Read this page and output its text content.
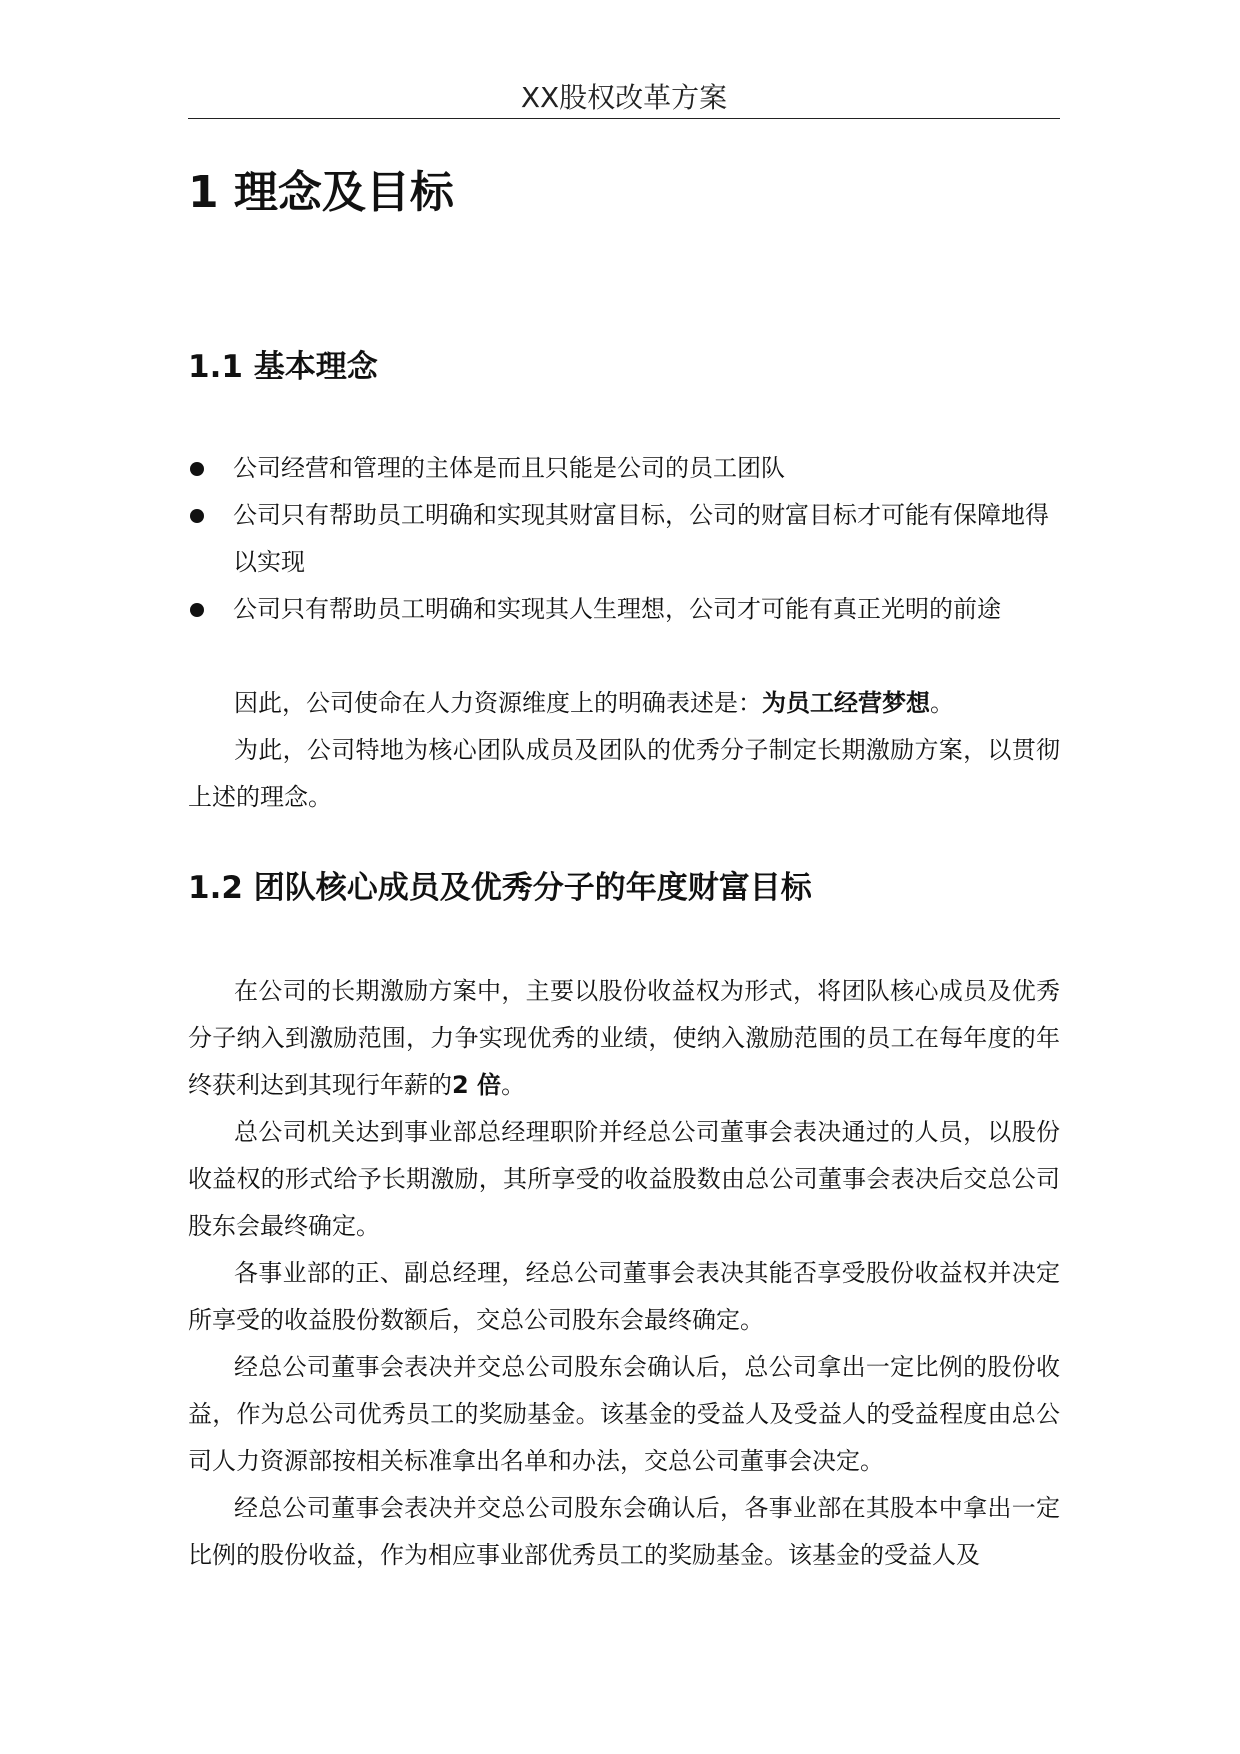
XX股权改革方案
1 理念及目标
1.1 基本理念
公司经营和管理的主体是而且只能是公司的员工团队
公司只有帮助员工明确和实现其财富目标，公司的财富目标才可能有保障地得以实现
公司只有帮助员工明确和实现其人生理想，公司才可能有真正光明的前途

因此，公司使命在人力资源维度上的明确表述是：为员工经营梦想。

为此，公司特地为核心团队成员及团队的优秀分子制定长期激励方案，以贯彻上述的理念。

1.2 团队核心成员及优秀分子的年度财富目标

在公司的长期激励方案中，主要以股份收益权为形式，将团队核心成员及优秀分子纳入到激励范围，力争实现优秀的业绩，使纳入激励范围的员工在每年度的年终获利达到其现行年薪的2 倍。

总公司机关达到事业部总经理职阶并经总公司董事会表决通过的人员，以股份收益权的形式给予长期激励，其所享受的收益股数由总公司董事会表决后交总公司股东会最终确定。

各事业部的正、副总经理，经总公司董事会表决其能否享受股份收益权并决定所享受的收益股份数额后，交总公司股东会最终确定。

经总公司董事会表决并交总公司股东会确认后，总公司拿出一定比例的股份收益，作为总公司优秀员工的奖励基金。该基金的受益人及受益人的受益程度由总公司人力资源部按相关标准拿出名单和办法，交总公司董事会决定。

经总公司董事会表决并交总公司股东会确认后，各事业部在其股本中拿出一定比例的股份收益，作为相应事业部优秀员工的奖励基金。该基金的受益人及
